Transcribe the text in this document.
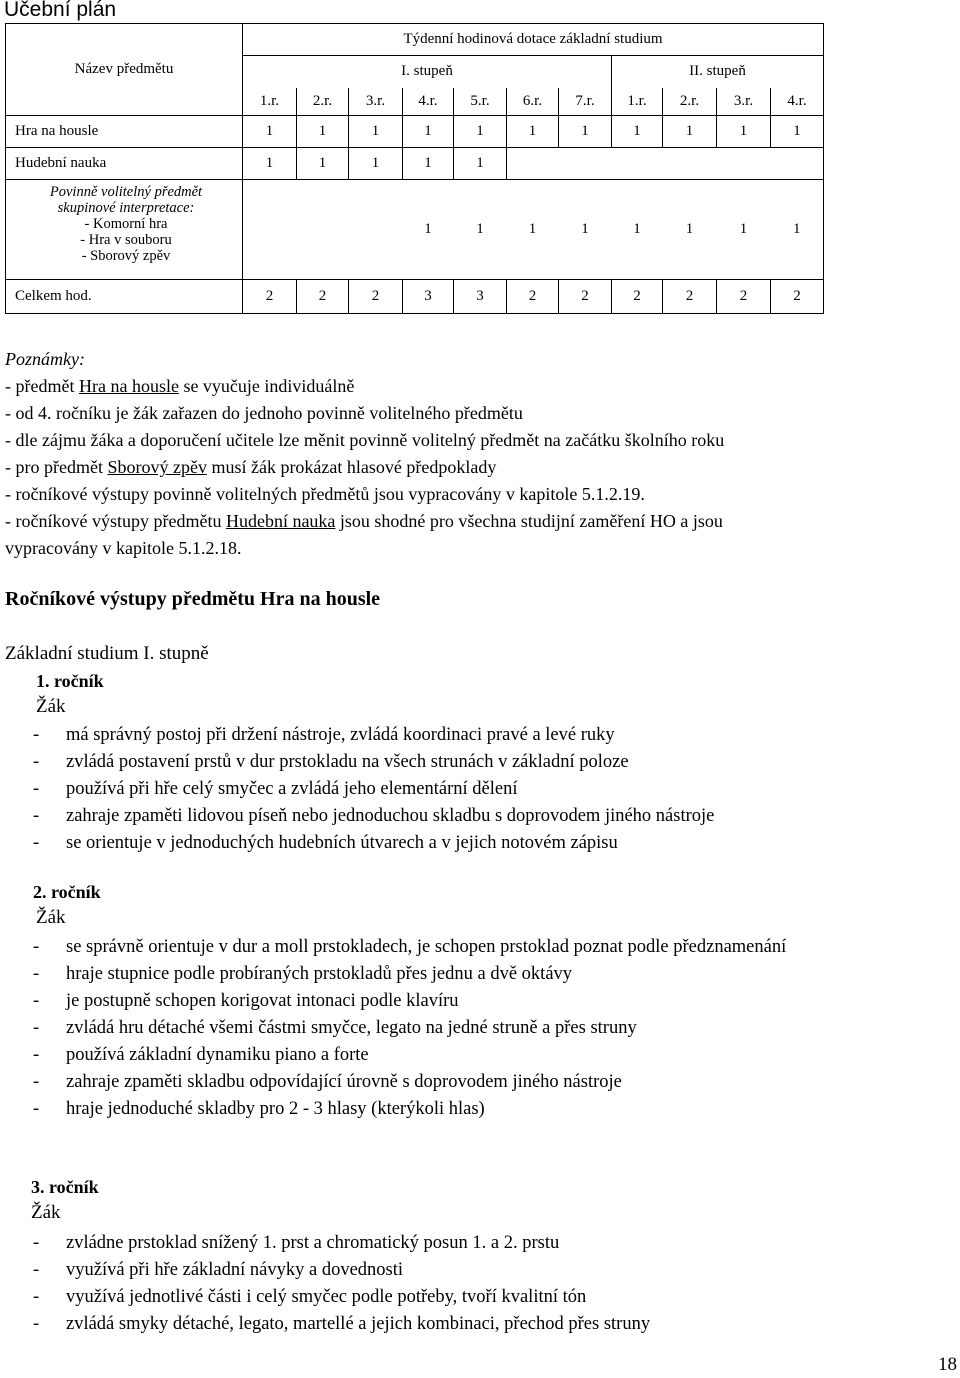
Učební plán
Název předmětu	Týdenní hodinová dotace základní studium										
	I. stupeň							II. stupeň			
	1.r.	2.r.	3.r.	4.r.	5.r.	6.r.	7.r.	1.r.	2.r.	3.r.	4.r.
Hra na housle	1	1	1	1	1	1	1	1	1	1	1
Hudební nauka	1	1	1	1	1						

Povinně volitelný předmět
skupinové interpretace:
- Komorní hra
- Hra v souboru
- Sborový zpěv				1	1	1	1	1	1	1	1
Celkem hod.	2	2	2	3	3	2	2	2	2	2	2
Poznámky:
- předmět Hra na housle se vyučuje individuálně
- od 4. ročníku je žák zařazen do jednoho povinně volitelného předmětu
- dle zájmu žáka a doporučení učitele lze měnit povinně volitelný předmět na začátku školního roku
- pro předmět Sborový zpěv musí žák prokázat hlasové předpoklady
- ročníkové výstupy povinně volitelných předmětů jsou vypracovány v kapitole 5.1.2.19.
- ročníkové výstupy předmětu Hudební nauka jsou shodné pro všechna studijní zaměření HO a jsou
vypracovány v kapitole 5.1.2.18.
Ročníkové výstupy předmětu Hra na housle
Základní studium I. stupně
1. ročník
Žák
- má správný postoj při držení nástroje, zvládá koordinaci pravé a levé ruky
- zvládá postavení prstů v dur prstokladu na všech strunách v základní poloze
- používá při hře celý smyčec a zvládá jeho elementární dělení
- zahraje zpaměti lidovou píseň nebo jednoduchou skladbu s doprovodem jiného nástroje
- se orientuje v jednoduchých hudebních útvarech a v jejich notovém zápisu
2. ročník
Žák
- se správně orientuje v dur a moll prstokladech, je schopen prstoklad poznat podle předznamenání
- hraje stupnice podle probíraných prstokladů přes jednu a dvě oktávy
- je postupně schopen korigovat intonaci podle klavíru
- zvládá hru détaché všemi částmi smyčce, legato na jedné struně a přes struny
- používá základní dynamiku piano a forte
- zahraje zpaměti skladbu odpovídající úrovně s doprovodem jiného nástroje
- hraje jednoduché skladby pro 2 - 3 hlasy (kterýkoli hlas)
3. ročník
Žák
- zvládne prstoklad snížený 1. prst a chromatický posun 1. a 2. prstu
- využívá při hře základní návyky a dovednosti
- využívá jednotlivé části i celý smyčec podle potřeby, tvoří kvalitní tón
- zvládá smyky détaché, legato, martellé a jejich kombinaci, přechod přes struny
18
